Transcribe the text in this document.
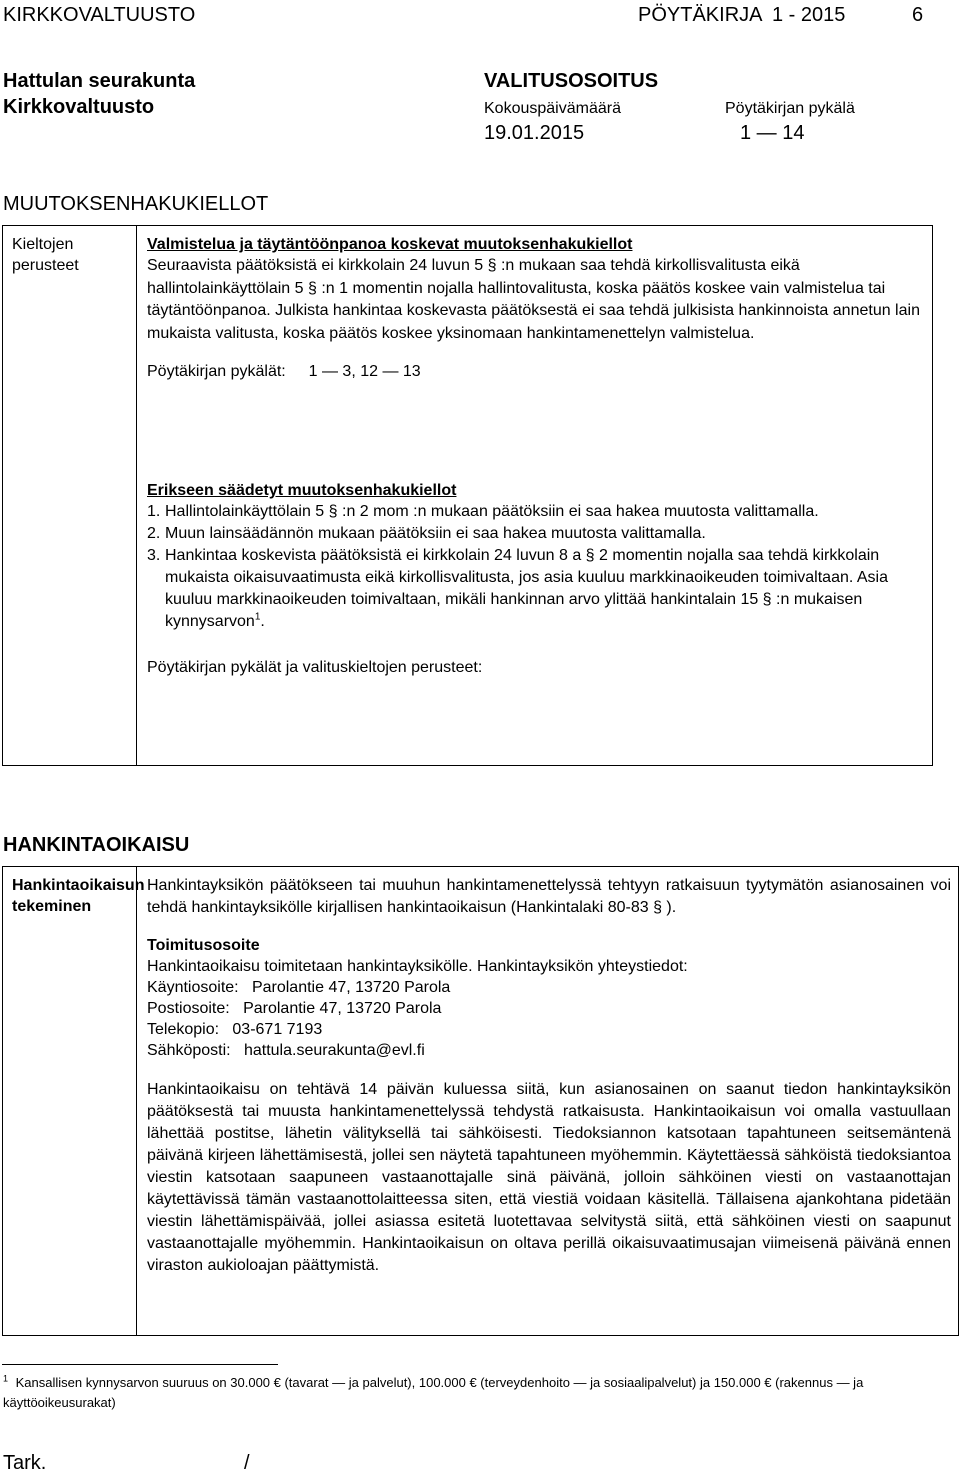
KIRKKOVALTUUSTO	PÖYTÄKIRJA 1 - 2015	6
Hattulan seurakunta
Kirkkovaltuusto
VALITUSOSOITUS
Kokouspäivämäärä	Pöytäkirjan pykälä
19.01.2015	1 — 14
MUUTOKSENHAKUKIELLOT
Kieltojen perusteet
Valmistelua ja täytäntöönpanoa koskevat muutoksenhakukiellot
Seuraavista päätöksistä ei kirkkolain 24 luvun 5 § :n mukaan saa tehdä kirkollisvalitusta eikä hallintolainkäyttölain 5 § :n 1 momentin nojalla hallintovalitusta, koska päätös koskee vain valmistelua tai täytäntöönpanoa. Julkista hankintaa koskevasta päätöksestä ei saa tehdä julkisista hankinnoista annetun lain mukaista valitusta, koska päätös koskee yksinomaan hankintamenettelyn valmistelua.
Pöytäkirjan pykälät: 1 — 3, 12 — 13
Erikseen säädetyt muutoksenhakukiellot
1. Hallintolainkäyttölain 5 § :n 2 mom :n mukaan päätöksiin ei saa hakea muutosta valittamalla.
2. Muun lainsäädännön mukaan päätöksiin ei saa hakea muutosta valittamalla.
3. Hankintaa koskevista päätöksistä ei kirkkolain 24 luvun 8 a § 2 momentin nojalla saa tehdä kirkkolain mukaista oikaisuvaatimusta eikä kirkollisvalitusta, jos asia kuuluu markkinaoikeuden toimivaltaan. Asia kuuluu markkinaoikeuden toimivaltaan, mikäli hankinnan arvo ylittää hankintalain 15 § :n mukaisen kynnysarvon$^1$.
Pöytäkirjan pykälät ja valituskieltojen perusteet:
HANKINTAOIKAISU
Hankintaoikaisun tekeminen
Hankintayksikön päätökseen tai muuhun hankintamenettelyssä tehtyyn ratkaisuun tyytymätön asianosainen voi tehdä hankintayksikölle kirjallisen hankintaoikaisun (Hankintalaki 80-83 § ).
Toimitusosoite
Hankintaoikaisu toimitetaan hankintayksikölle. Hankintayksikön yhteystiedot:
Käyntiosoite: Parolantie 47, 13720 Parola
Postiosoite: Parolantie 47, 13720 Parola
Telekopio: 03-671 7193
Sähköposti: hattula.seurakunta@evl.fi
Hankintaoikaisu on tehtävä 14 päivän kuluessa siitä, kun asianosainen on saanut tiedon hankintayksikön päätöksestä tai muusta hankintamenettelyssä tehdystä ratkaisusta. Hankintaoikaisun voi omalla vastuullaan lähettää postitse, lähetin välityksellä tai sähköisesti. Tiedoksiannon katsotaan tapahtuneen seitsemäntenä päivänä kirjeen lähettämisestä, jollei sen näytetä tapahtuneen myöhemmin. Käytettäessä sähköistä tiedoksiantoa viestin katsotaan saapuneen vastaanottajalle sinä päivänä, jolloin sähköinen viesti on vastaanottajan käytettävissä tämän vastaanottolaitteessa siten, että viestiä voidaan käsitellä. Tällaisena ajankohtana pidetään viestin lähettämispäivää, jollei asiassa esitetä luotettavaa selvitystä siitä, että sähköinen viesti on saapunut vastaanottajalle myöhemmin. Hankintaoikaisun on oltava perillä oikaisuvaatimusajan viimeisenä päivänä ennen viraston aukioloajan päättymistä.
$^1$ Kansallisen kynnysarvon suuruus on 30.000 € (tavarat — ja palvelut), 100.000 € (terveydenhoito — ja sosiaalipalvelut) ja 150.000 € (rakennus — ja käyttöoikeusurakat)
Tark.	/
